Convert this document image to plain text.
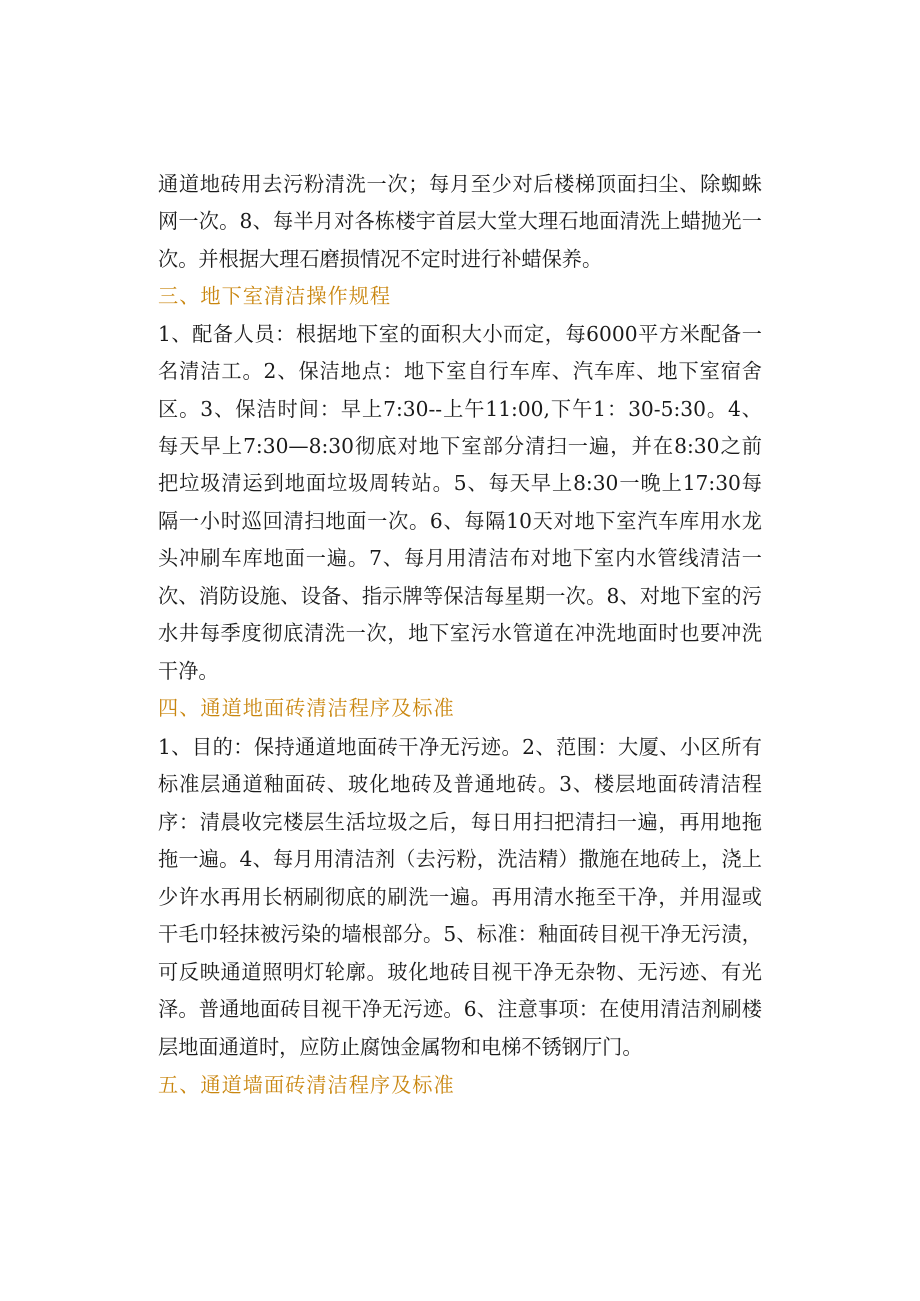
通道地砖用去污粉清洗一次；每月至少对后楼梯顶面扫尘、除蜘蛛
网一次。8、每半月对各栋楼宇首层大堂大理石地面清洗上蜡抛光一
次。并根据大理石磨损情况不定时进行补蜡保养。
三、地下室清洁操作规程
1、配备人员：根据地下室的面积大小而定，每6000平方米配备一
名清洁工。2、保洁地点：地下室自行车库、汽车库、地下室宿舍
区。3、保洁时间：早上7:30--上午11:00,下午1：30-5:30。4、
每天早上7:30—8:30彻底对地下室部分清扫一遍，并在8:30之前
把垃圾清运到地面垃圾周转站。5、每天早上8:30一晚上17:30每
隔一小时巡回清扫地面一次。6、每隔10天对地下室汽车库用水龙
头冲刷车库地面一遍。7、每月用清洁布对地下室内水管线清洁一
次、消防设施、设备、指示牌等保洁每星期一次。8、对地下室的污
水井每季度彻底清洗一次，地下室污水管道在冲洗地面时也要冲洗
干净。
四、通道地面砖清洁程序及标准
1、目的：保持通道地面砖干净无污迹。2、范围：大厦、小区所有
标准层通道釉面砖、玻化地砖及普通地砖。3、楼层地面砖清洁程
序：清晨收完楼层生活垃圾之后，每日用扫把清扫一遍，再用地拖
拖一遍。4、每月用清洁剂（去污粉，洗洁精）撒施在地砖上，浇上
少许水再用长柄刷彻底的刷洗一遍。再用清水拖至干净，并用湿或
干毛巾轻抹被污染的墙根部分。5、标准：釉面砖目视干净无污渍，
可反映通道照明灯轮廓。玻化地砖目视干净无杂物、无污迹、有光
泽。普通地面砖目视干净无污迹。6、注意事项：在使用清洁剂刷楼
层地面通道时，应防止腐蚀金属物和电梯不锈钢厅门。
五、通道墙面砖清洁程序及标准
